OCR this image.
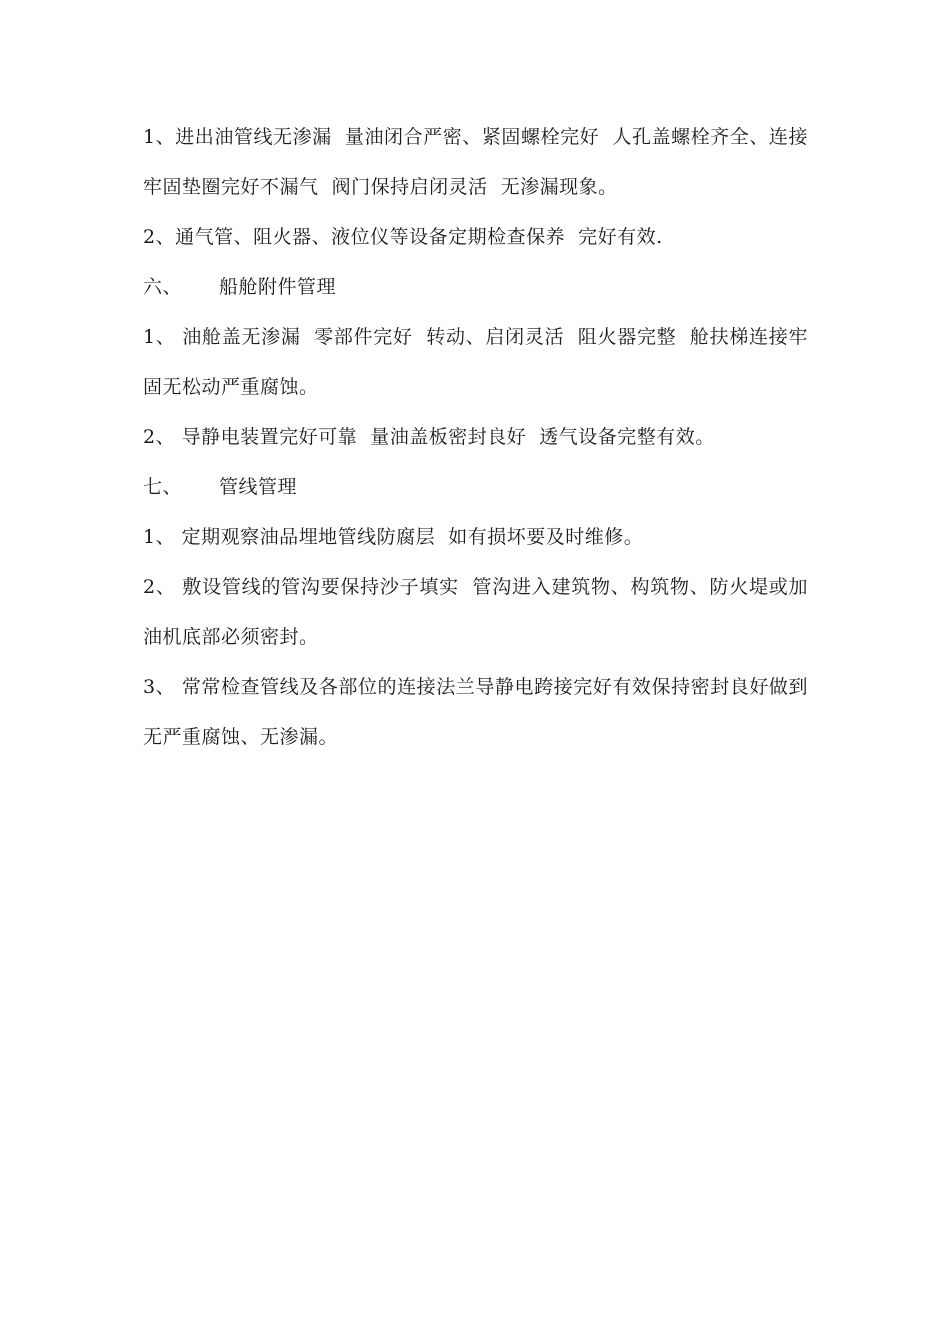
1、进出油管线无渗漏  量油闭合严密、紧固螺栓完好  人孔盖螺栓齐全、连接牢固垫圈完好不漏气  阀门保持启闭灵活  无渗漏现象。

2、通气管、阻火器、液位仪等设备定期检查保养  完好有效.

六、 船舱附件管理

1、 油舱盖无渗漏  零部件完好  转动、启闭灵活  阻火器完整  舱扶梯连接牢固无松动严重腐蚀。

2、 导静电装置完好可靠  量油盖板密封良好  透气设备完整有效。

七、 管线管理

1、 定期观察油品埋地管线防腐层  如有损坏要及时维修。

2、 敷设管线的管沟要保持沙子填实  管沟进入建筑物、构筑物、防火堤或加油机底部必须密封。

3、 常常检查管线及各部位的连接法兰导静电跨接完好有效保持密封良好做到无严重腐蚀、无渗漏。
